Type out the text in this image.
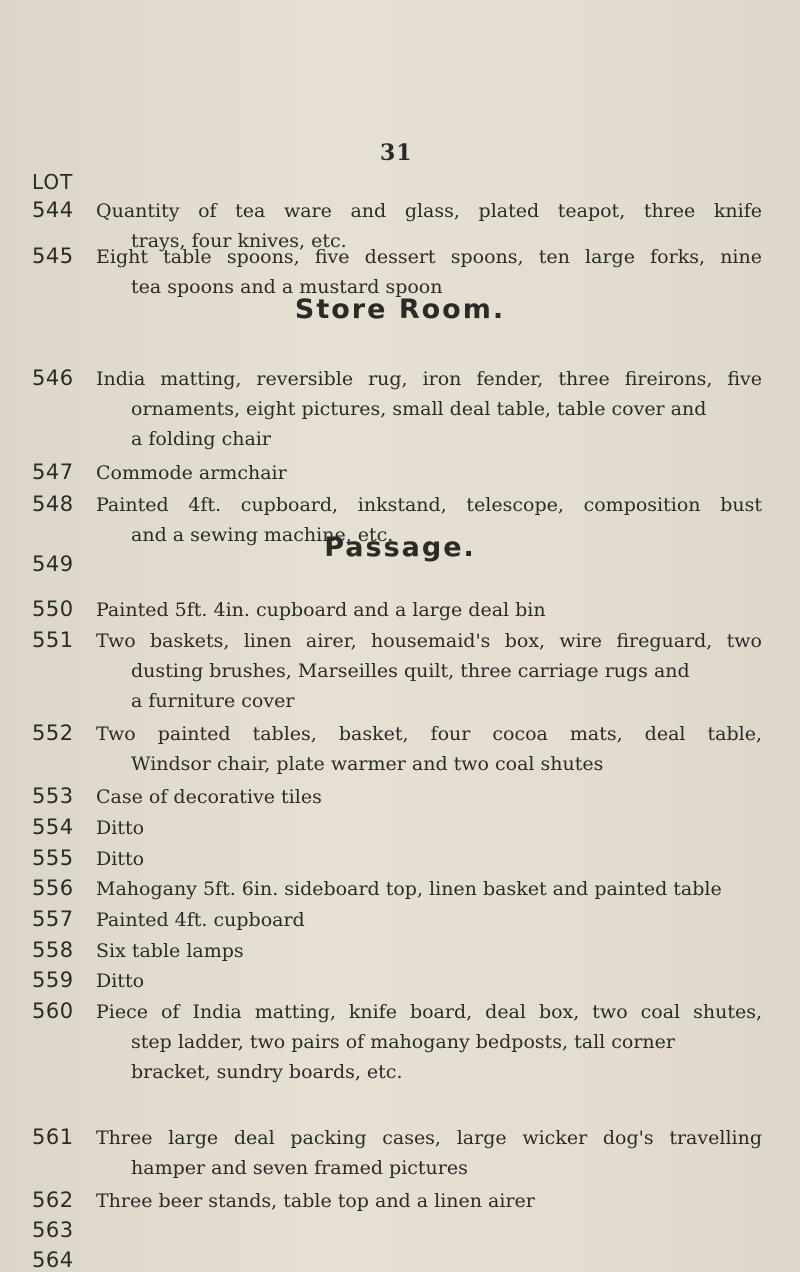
31
LOT
Store Room.
Passage.
544 Quantity of tea ware and glass, plated teapot, three knife
trays, four knives, etc.
545 Eight table spoons, five dessert spoons, ten large forks, nine
tea spoons and a mustard spoon
546 India matting, reversible rug, iron fender, three fireirons, five
ornaments, eight pictures, small deal table, table cover and
a folding chair
547 Commode armchair
548 Painted 4ft. cupboard, inkstand, telescope, composition bust
and a sewing machine, etc.
549
550 Painted 5ft. 4in. cupboard and a large deal bin
551 Two baskets, linen airer, housemaid's box, wire fireguard, two
dusting brushes, Marseilles quilt, three carriage rugs and
a furniture cover
552 Two painted tables, basket, four cocoa mats, deal table,
Windsor chair, plate warmer and two coal shutes
553 Case of decorative tiles
554 Ditto
555 Ditto
556 Mahogany 5ft. 6in. sideboard top, linen basket and painted table
557 Painted 4ft. cupboard
558 Six table lamps
559 Ditto
560 Piece of India matting, knife board, deal box, two coal shutes,
step ladder, two pairs of mahogany bedposts, tall corner
bracket, sundry boards, etc.
561 Three large deal packing cases, large wicker dog's travelling
hamper and seven framed pictures
562 Three beer stands, table top and a linen airer
563
564
